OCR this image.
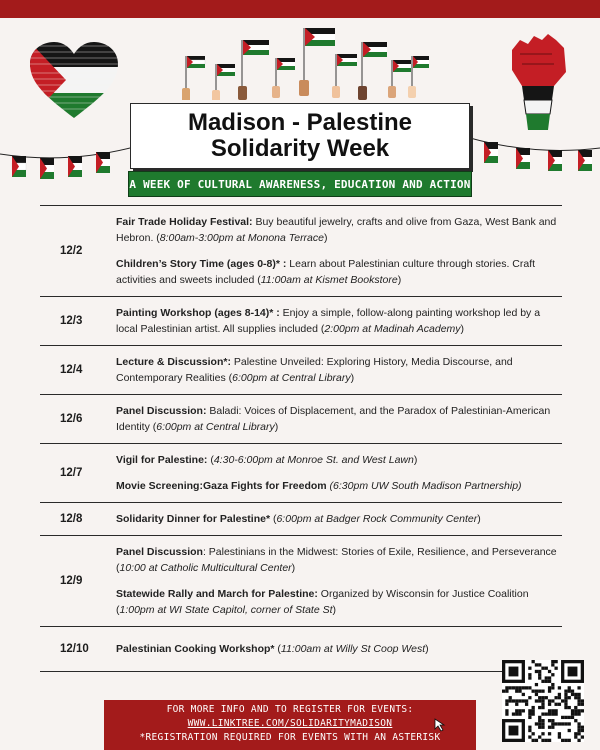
Madison - Palestine
Solidarity Week
A WEEK OF CULTURAL AWARENESS, EDUCATION AND ACTION
12/2
Fair Trade Holiday Festival: Buy beautiful jewelry, crafts and olive from Gaza, West Bank and Hebron. (8:00am-3:00pm at Monona Terrace)
Children’s Story Time (ages 0-8)* : Learn about Palestinian culture through stories. Craft activities and sweets included (11:00am at Kismet Bookstore)
12/3
Painting Workshop (ages 8-14)* : Enjoy a simple, follow-along painting workshop led by a local Palestinian artist. All supplies included (2:00pm at Madinah Academy)
12/4
Lecture & Discussion*: Palestine Unveiled: Exploring History, Media Discourse, and Contemporary Realities (6:00pm at Central Library)
12/6
Panel Discussion: Baladi: Voices of Displacement, and the Paradox of Palestinian-American Identity (6:00pm at Central Library)
12/7
Vigil for Palestine: (4:30-6:00pm at Monroe St. and West Lawn)
Movie Screening:Gaza Fights for Freedom (6:30pm UW South Madison Partnership)
12/8	Solidarity Dinner for Palestine* (6:00pm at Badger Rock Community Center)
12/9
Panel Discussion: Palestinians in the Midwest: Stories of Exile, Resilience, and Perseverance (10:00 at Catholic Multicultural Center)
Statewide Rally and March for Palestine: Organized by Wisconsin for Justice Coalition (1:00pm at WI State Capitol, corner of State St)
12/10	Palestinian Cooking Workshop* (11:00am at Willy St Coop West)
FOR MORE INFO AND TO REGISTER FOR EVENTS:
WWW.LINKTREE.COM/SOLIDARITYMADISON
*REGISTRATION REQUIRED FOR EVENTS WITH AN ASTERISK
